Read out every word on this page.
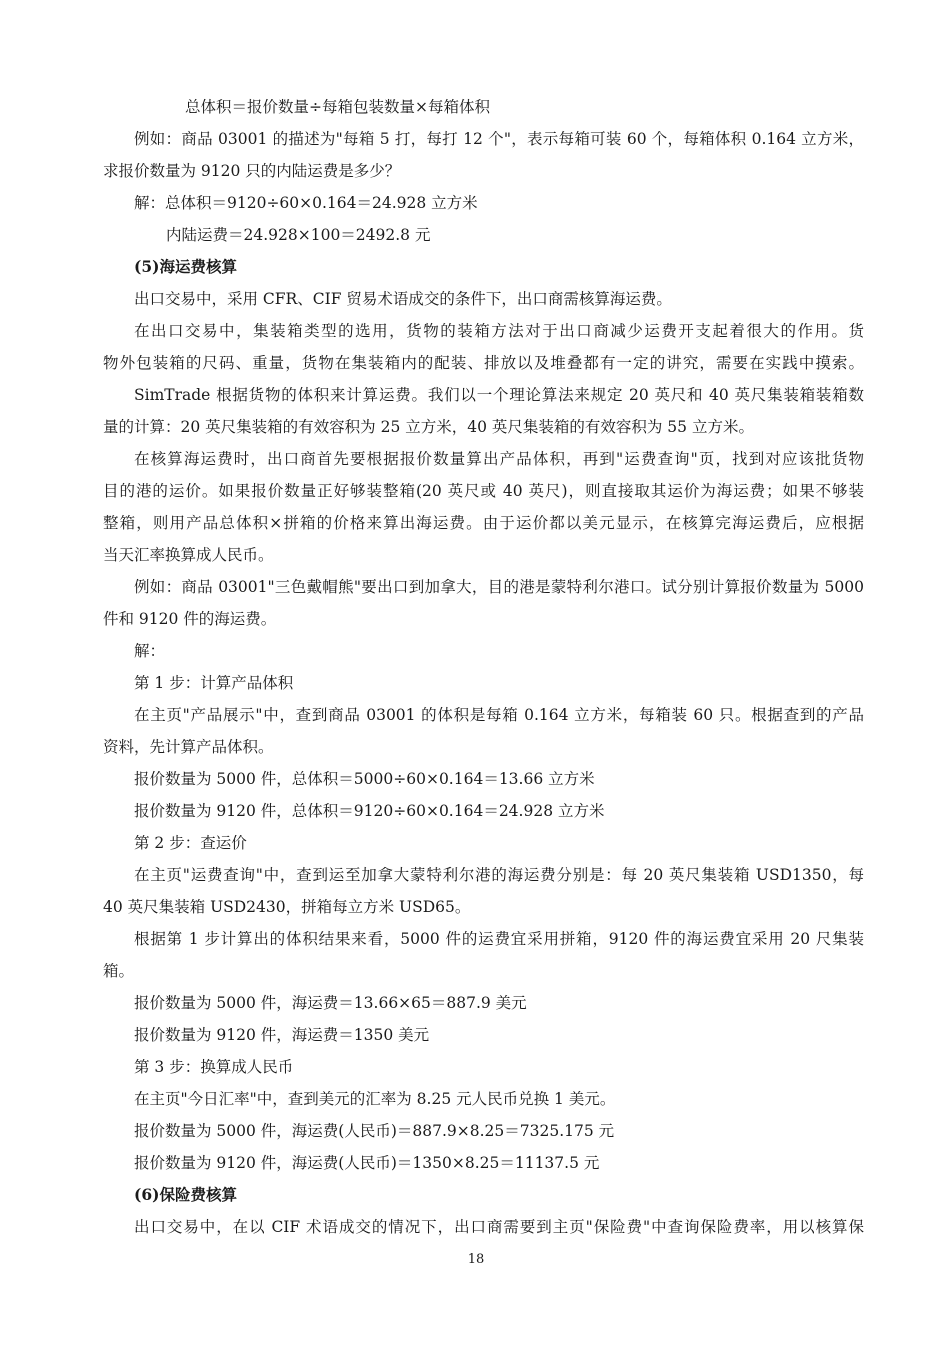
总体积＝报价数量÷每箱包装数量×每箱体积
例如：商品 03001 的描述为"每箱 5 打，每打 12 个"，表示每箱可装 60 个，每箱体积 0.164 立方米，
求报价数量为 9120 只的内陆运费是多少？
解：总体积＝9120÷60×0.164＝24.928 立方米
内陆运费＝24.928×100＝2492.8 元
(5)海运费核算
出口交易中，采用 CFR、CIF 贸易术语成交的条件下，出口商需核算海运费。
在出口交易中，集装箱类型的选用，货物的装箱方法对于出口商减少运费开支起着很大的作用。货
物外包装箱的尺码、重量，货物在集装箱内的配装、排放以及堆叠都有一定的讲究，需要在实践中摸索。
SimTrade 根据货物的体积来计算运费。我们以一个理论算法来规定 20 英尺和 40 英尺集装箱装箱数
量的计算：20 英尺集装箱的有效容积为 25 立方米，40 英尺集装箱的有效容积为 55 立方米。
在核算海运费时，出口商首先要根据报价数量算出产品体积，再到"运费查询"页，找到对应该批货物
目的港的运价。如果报价数量正好够装整箱(20 英尺或 40 英尺)，则直接取其运价为海运费；如果不够装
整箱，则用产品总体积×拼箱的价格来算出海运费。由于运价都以美元显示，在核算完海运费后，应根据
当天汇率换算成人民币。
例如：商品 03001"三色戴帽熊"要出口到加拿大，目的港是蒙特利尔港口。试分别计算报价数量为 5000
件和 9120 件的海运费。
解：
第 1 步：计算产品体积
在主页"产品展示"中，查到商品 03001 的体积是每箱 0.164 立方米，每箱装 60 只。根据查到的产品
资料，先计算产品体积。
报价数量为 5000 件，总体积＝5000÷60×0.164＝13.66 立方米
报价数量为 9120 件，总体积＝9120÷60×0.164＝24.928 立方米
第 2 步：查运价
在主页"运费查询"中，查到运至加拿大蒙特利尔港的海运费分别是：每 20 英尺集装箱 USD1350，每
40 英尺集装箱 USD2430，拼箱每立方米 USD65。
根据第 1 步计算出的体积结果来看，5000 件的运费宜采用拼箱，9120 件的海运费宜采用 20 尺集装
箱。
报价数量为 5000 件，海运费＝13.66×65＝887.9 美元
报价数量为 9120 件，海运费＝1350 美元
第 3 步：换算成人民币
在主页"今日汇率"中，查到美元的汇率为 8.25 元人民币兑换 1 美元。
报价数量为 5000 件，海运费(人民币)＝887.9×8.25＝7325.175 元
报价数量为 9120 件，海运费(人民币)＝1350×8.25＝11137.5 元
(6)保险费核算
出口交易中，在以 CIF 术语成交的情况下，出口商需要到主页"保险费"中查询保险费率，用以核算保
18
